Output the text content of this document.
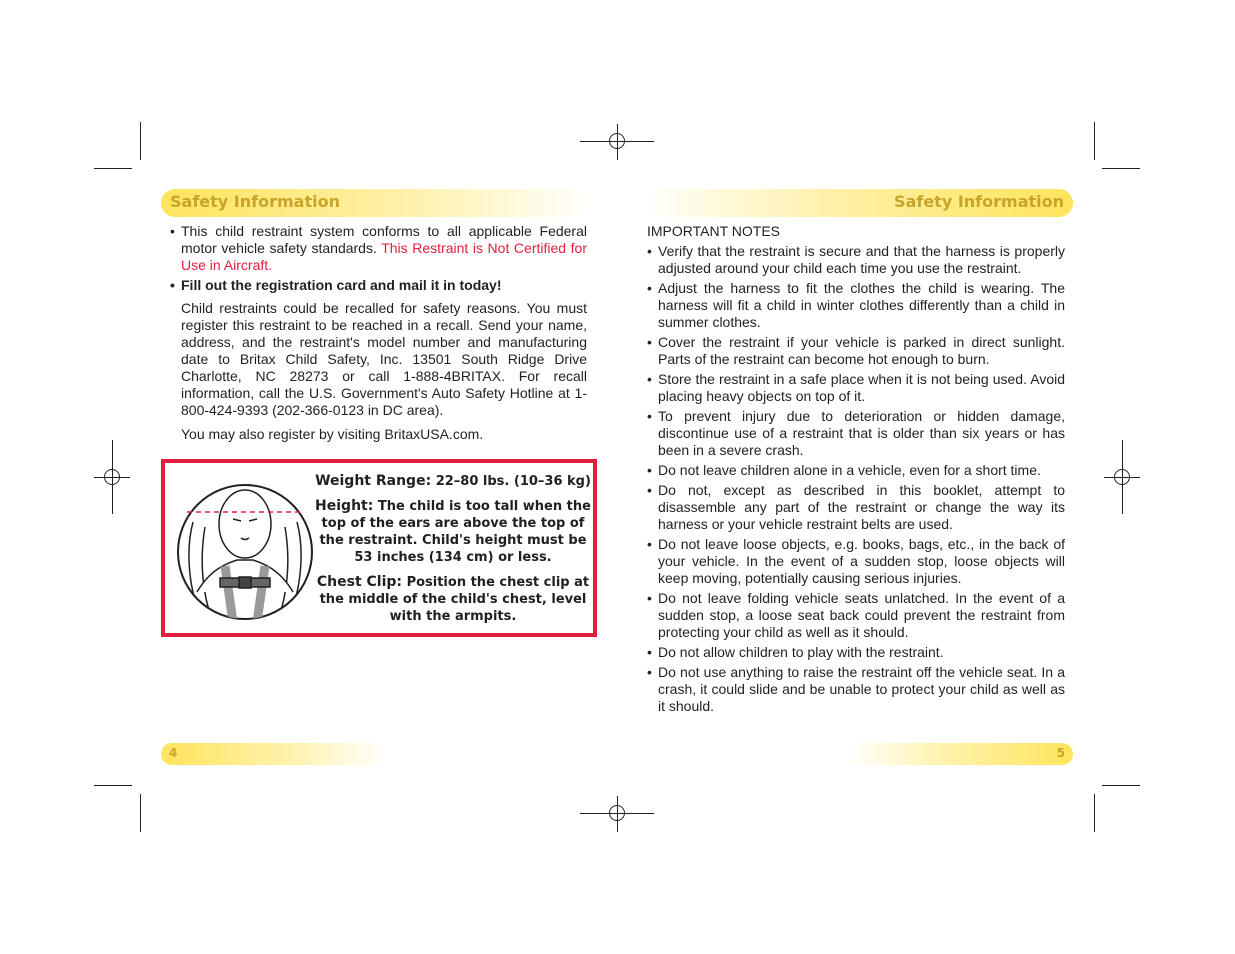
Safety Information
• This child restraint system conforms to all applicable Federal motor vehicle safety standards. This Restraint is Not Certified for Use in Aircraft.
• Fill out the registration card and mail it in today!

Child restraints could be recalled for safety reasons. You must register this restraint to be reached in a recall. Send your name, address, and the restraint's model number and manufacturing date to Britax Child Safety, Inc. 13501 South Ridge Drive Charlotte, NC 28273 or call 1-888-4BRITAX. For recall information, call the U.S. Government's Auto Safety Hotline at 1-800-424-9393 (202-366-0123 in DC area).

You may also register by visiting BritaxUSA.com.

Weight Range: 22–80 lbs. (10–36 kg)

Height: The child is too tall when the top of the ears are above the top of the restraint. Child's height must be 53 inches (134 cm) or less.

Chest Clip: Position the chest clip at the middle of the child's chest, level with the armpits.

4
Safety Information
IMPORTANT NOTES
• Verify that the restraint is secure and that the harness is properly adjusted around your child each time you use the restraint.
• Adjust the harness to fit the clothes the child is wearing. The harness will fit a child in winter clothes differently than a child in summer clothes.
• Cover the restraint if your vehicle is parked in direct sunlight. Parts of the restraint can become hot enough to burn.
• Store the restraint in a safe place when it is not being used. Avoid placing heavy objects on top of it.
• To prevent injury due to deterioration or hidden damage, discontinue use of a restraint that is older than six years or has been in a severe crash.
• Do not leave children alone in a vehicle, even for a short time.
• Do not, except as described in this booklet, attempt to disassemble any part of the restraint or change the way its harness or your vehicle restraint belts are used.
• Do not leave loose objects, e.g. books, bags, etc., in the back of your vehicle. In the event of a sudden stop, loose objects will keep moving, potentially causing serious injuries.
• Do not leave folding vehicle seats unlatched. In the event of a sudden stop, a loose seat back could prevent the restraint from protecting your child as well as it should.
• Do not allow children to play with the restraint.
• Do not use anything to raise the restraint off the vehicle seat. In a crash, it could slide and be unable to protect your child as well as it should.
5
